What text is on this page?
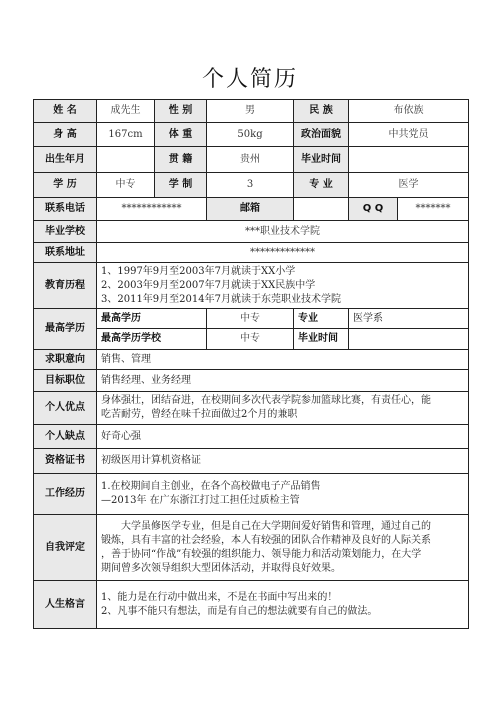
个人简历
姓 名	成先生	性 别	男	民 族	布依族	
身 高	167cm	体 重	50kg	政治面貌	中共党员	
出生年月		贯 籍	贵州	毕业时间		
学 历	中专	学 制	3	专 业	医学	
联系电话	************		邮箱		Q Q	*******
毕业学校	***职业技术学院					
联系地址	*************					
教育历程	1、1997年9月至2003年7月就读于XX小学
2、2003年9月至2007年7月就读于XX民族中学
3、2011年9月至2014年7月就读于东莞职业技术学院					

最高学历	最高学历		中专	专业	医学系	
	最高学历学校		中专	毕业时间		
求职意向	销售、管理					
目标职位	销售经理、业务经理					
个人优点	身体强壮，团结奋进，在校期间多次代表学院参加篮球比赛，有责任心，能
吃苦耐劳，曾经在味千拉面做过2个月的兼职					

个人缺点	好奇心强					
资格证书	初级医用计算机资格证					
工作经历	1.在校期间自主创业，在各个高校做电子产品销售
—2013年 在广东浙江打过工担任过质检主管					

自我评定	大学虽修医学专业，但是自己在大学期间爱好销售和管理，通过自己的
锻炼，具有丰富的社会经验，本人有较强的团队合作精神及良好的人际关系
，善于协同“作战”有较强的组织能力、领导能力和活动策划能力，在大学
期间曾多次领导组织大型团体活动，并取得良好效果。					

人生格言	1、能力是在行动中做出来，不是在书面中写出来的！
2、凡事不能只有想法，而是有自己的想法就要有自己的做法。					
